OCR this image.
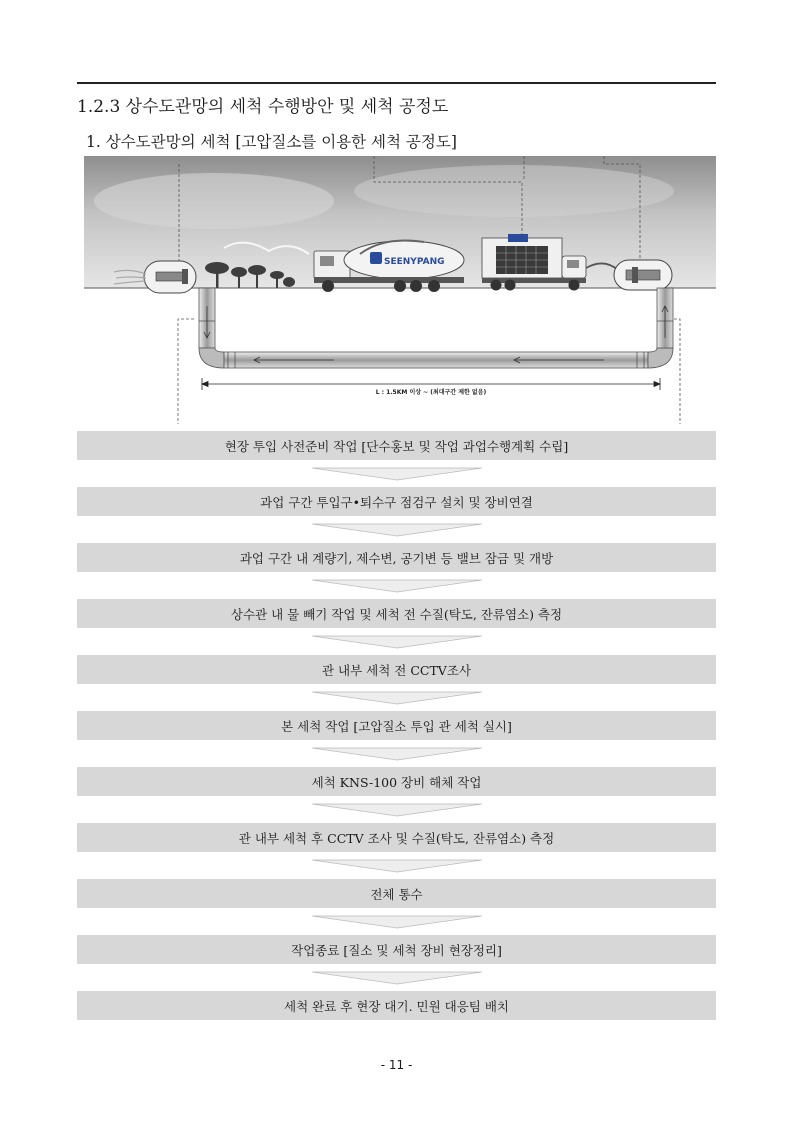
1.2.3 상수도관망의 세척 수행방안 및 세척 공정도
1. 상수도관망의 세척 [고압질소를 이용한 세척 공정도]
SEENYPANG
L : 1.5KM 이상 ~ (최대구간 제한 없음)
현장 투입 사전준비 작업 [단수홍보 및 작업 과업수행계획 수립]
과업 구간 투입구•퇴수구 점검구 설치 및 장비연결
과업 구간 내 계량기, 제수변, 공기변 등 밸브 잠금 및 개방
상수관 내 물 빼기 작업 및 세척 전 수질(탁도, 잔류염소) 측정
관 내부 세척 전 CCTV조사
본 세척 작업 [고압질소 투입 관 세척 실시]
세척 KNS-100 장비 해체 작업
관 내부 세척 후 CCTV 조사 및 수질(탁도, 잔류염소) 측정
전체 통수
작업종료 [질소 및 세척 장비 현장정리]
세척 완료 후 현장 대기. 민원 대응팀 배치
- 11 -
